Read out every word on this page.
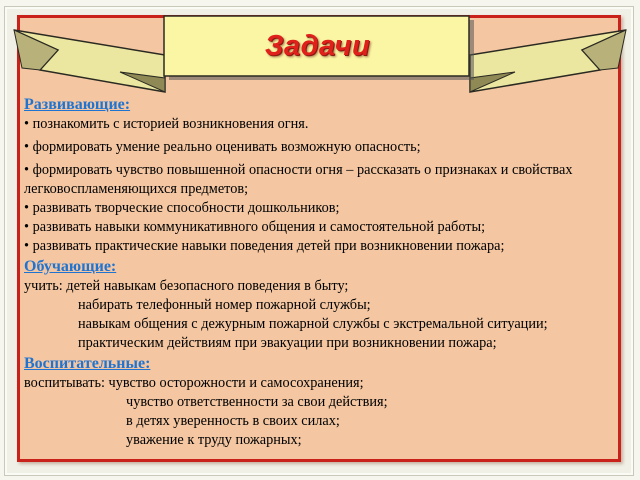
Задачи
Развивающие:
• познакомить с историей возникновения огня.
• формировать умение реально оценивать возможную опасность;
• формировать чувство повышенной опасности огня – рассказать о признаках и свойствах легковоспламеняющихся предметов;
• развивать творческие способности дошкольников;
• развивать навыки коммуникативного общения и самостоятельной работы;
• развивать практические навыки поведения детей при возникновении пожара;
Обучающие:
учить: детей навыкам безопасного поведения в быту;
набирать телефонный номер пожарной службы;
навыкам общения с дежурным пожарной службы с экстремальной ситуации;
практическим действиям при эвакуации при возникновении пожара;
Воспитательные:
воспитывать: чувство осторожности и самосохранения;
чувство ответственности за свои действия;
в детях уверенность в своих силах;
уважение к труду пожарных;
